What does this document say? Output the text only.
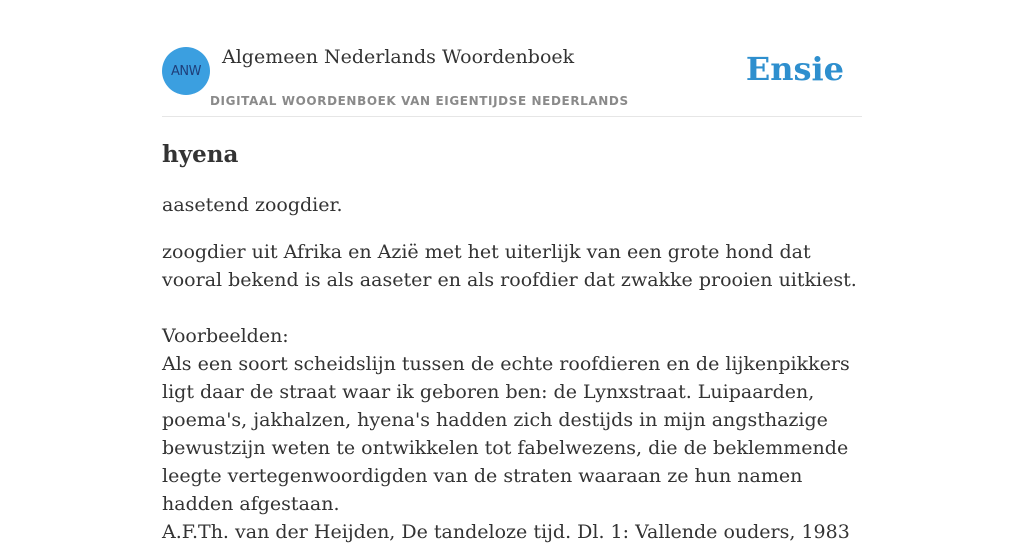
ANW
Algemeen Nederlands Woordenboek
DIGITAAL WOORDENBOEK VAN EIGENTIJDSE NEDERLANDS
Ensie
hyena
aasetend zoogdier.
zoogdier uit Afrika en Azië met het uiterlijk van een grote hond dat vooral bekend is als aaseter en als roofdier dat zwakke prooien uitkiest.
Voorbeelden:
Als een soort scheidslijn tussen de echte roofdieren en de lijkenpikkers ligt daar de straat waar ik geboren ben: de Lynxstraat. Luipaarden, poema's, jakhalzen, hyena's hadden zich destijds in mijn angsthazige bewustzijn weten te ontwikkelen tot fabelwezens, die de beklemmende leegte vertegenwoordigden van de straten waaraan ze hun namen hadden afgestaan.
A.F.Th. van der Heijden, De tandeloze tijd. Dl. 1: Vallende ouders, 1983
